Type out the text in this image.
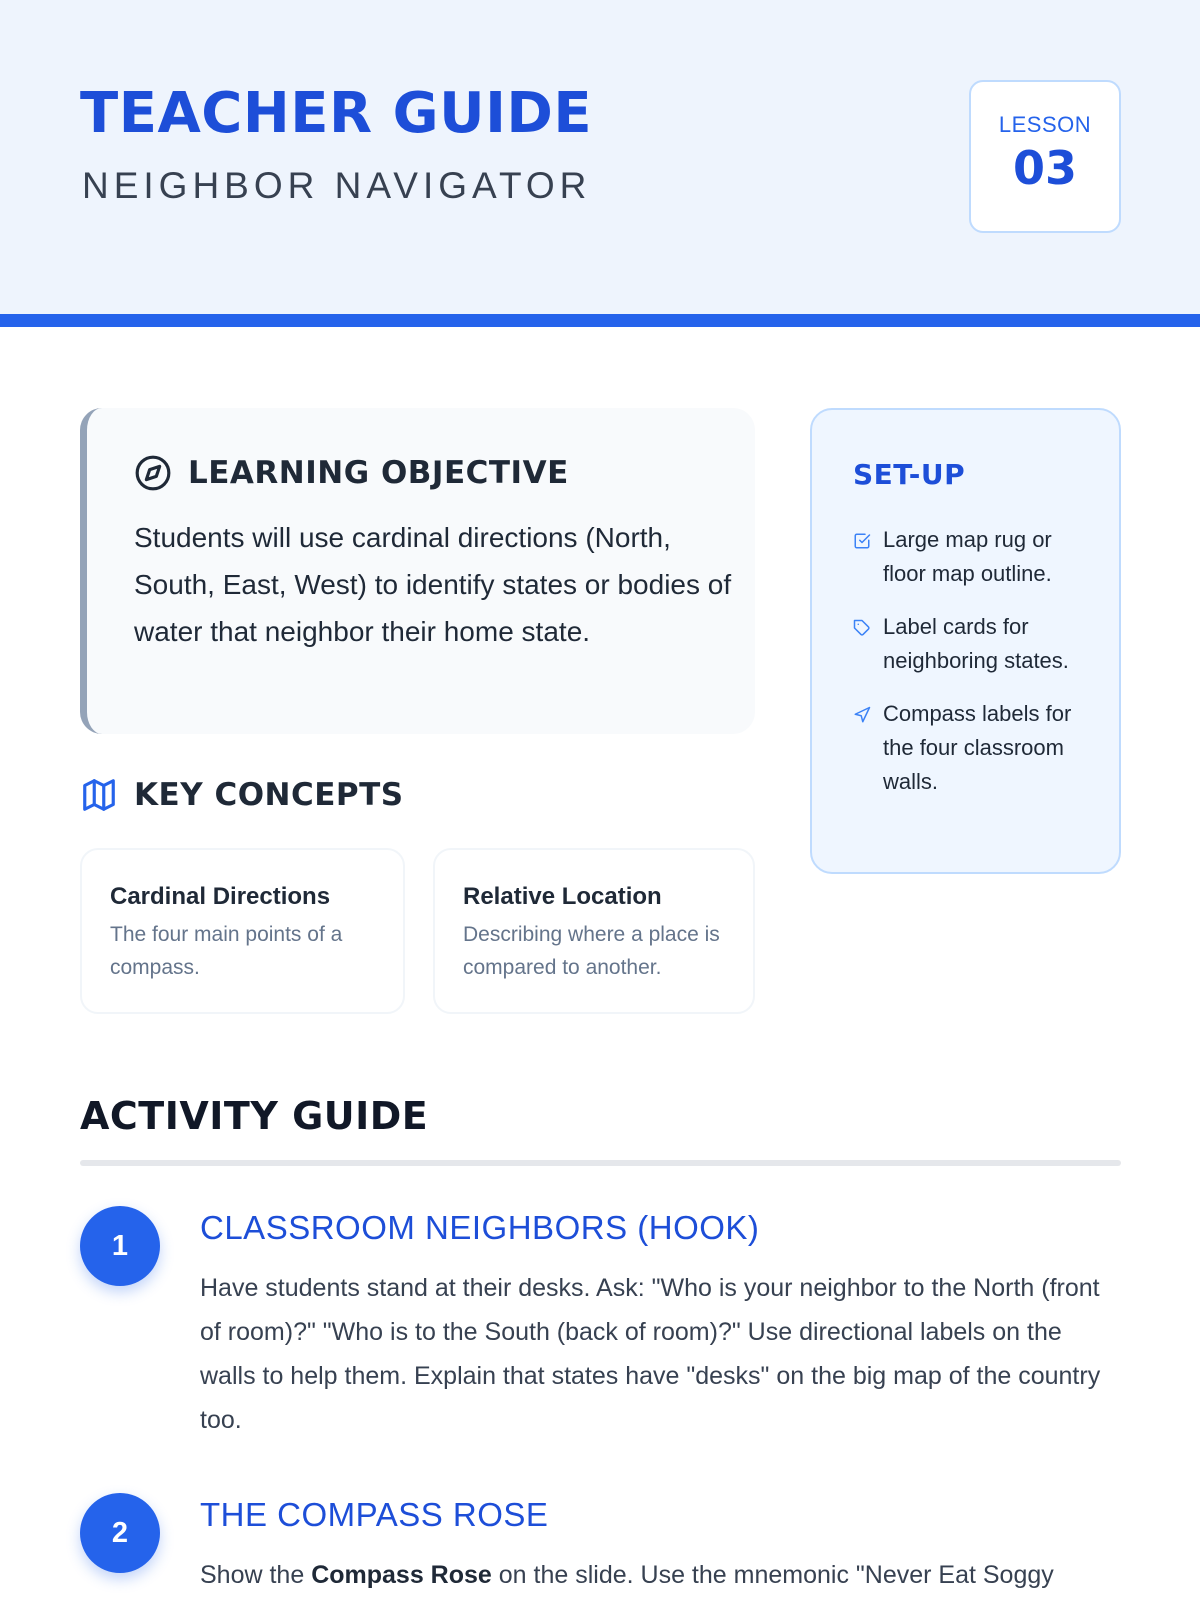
TEACHER GUIDE
NEIGHBOR NAVIGATOR
LESSON
03
LEARNING OBJECTIVE
Students will use cardinal directions (North, South, East, West) to identify states or bodies of water that neighbor their home state.
KEY CONCEPTS
Cardinal Directions
The four main points of a compass.
Relative Location
Describing where a place is compared to another.
SET-UP
Large map rug or floor map outline.
Label cards for neighboring states.
Compass labels for the four classroom walls.
ACTIVITY GUIDE
1	CLASSROOM NEIGHBORS (HOOK)
Have students stand at their desks. Ask: "Who is your neighbor to the North (front of room)?" "Who is to the South (back of room)?" Use directional labels on the walls to help them. Explain that states have "desks" on the big map of the country too.
2	THE COMPASS ROSE
Show the Compass Rose on the slide. Use the mnemonic "Never Eat Soggy
